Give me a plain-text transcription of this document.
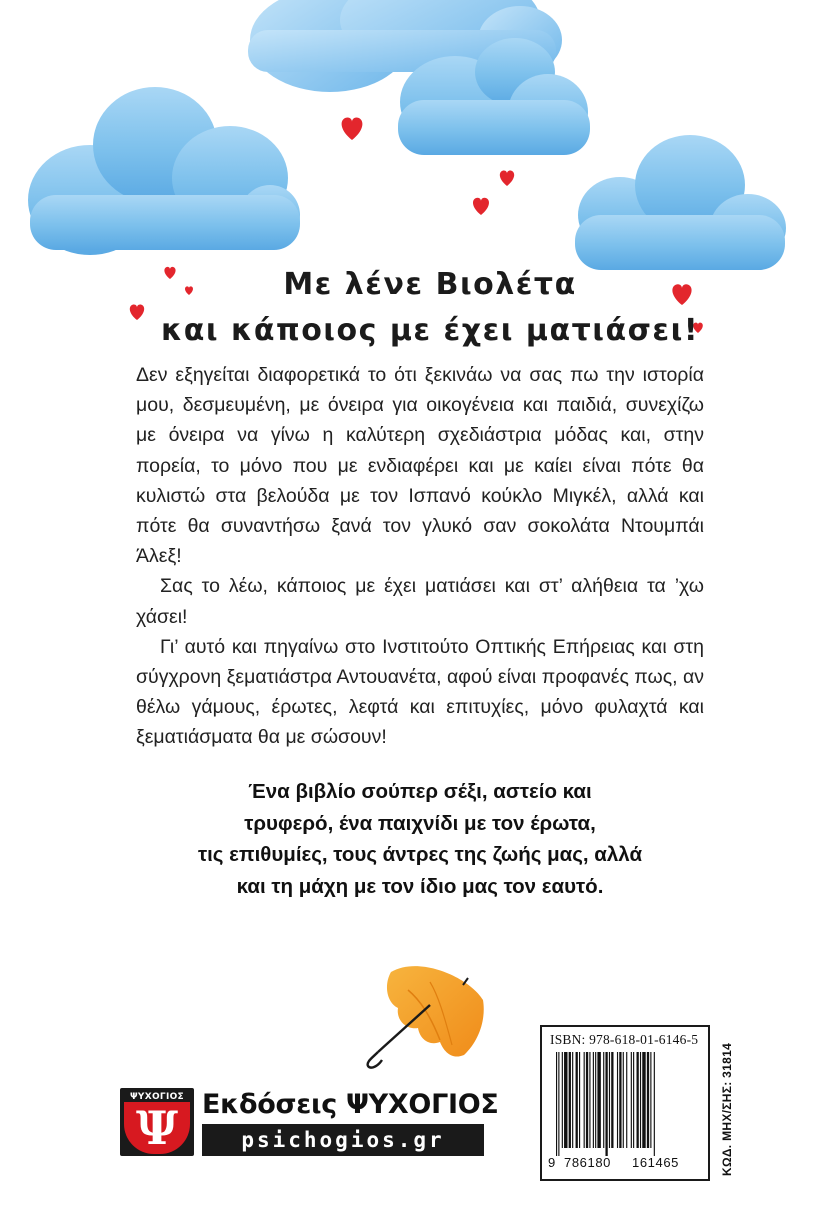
Με λένε Βιολέτα
και κάποιος με έχει ματιάσει!

Δεν εξηγείται διαφορετικά το ότι ξεκινάω να σας πω την ιστορία μου, δεσμευμένη, με όνειρα για οικογένεια και παιδιά, συνεχίζω με όνειρα να γίνω η καλύτερη σχεδιάστρια μόδας και, στην πορεία, το μόνο που με ενδιαφέρει και με καίει είναι πότε θα κυλιστώ στα βελούδα με τον Ισπανό κούκλο Μιγκέλ, αλλά και πότε θα συναντήσω ξανά τον γλυκό σαν σοκολάτα Ντουμπάι Άλεξ!

Σας το λέω, κάποιος με έχει ματιάσει και στ’ αλήθεια τα ’χω χάσει!

Γι’ αυτό και πηγαίνω στο Ινστιτούτο Οπτικής Επήρειας και στη σύγχρονη ξεματιάστρα Αντουανέτα, αφού είναι προφανές πως, αν θέλω γάμους, έρωτες, λεφτά και επιτυχίες, μόνο φυλαχτά και ξεματιάσματα θα με σώσουν!

Ένα βιβλίο σούπερ σέξι, αστείο και
τρυφερό, ένα παιχνίδι με τον έρωτα,
τις επιθυμίες, τους άντρες της ζωής μας, αλλά
και τη μάχη με τον ίδιο μας τον εαυτό.
ΨΥΧΟΓΙΟΣ
Ψ Εκδόσεις ΨΥΧΟΓΙΟΣ
psichogios.gr
ISBN: 978-618-01-6146-5
9 786180 161465	ΚΩΔ. ΜΗΧ/ΣΗΣ: 31814
